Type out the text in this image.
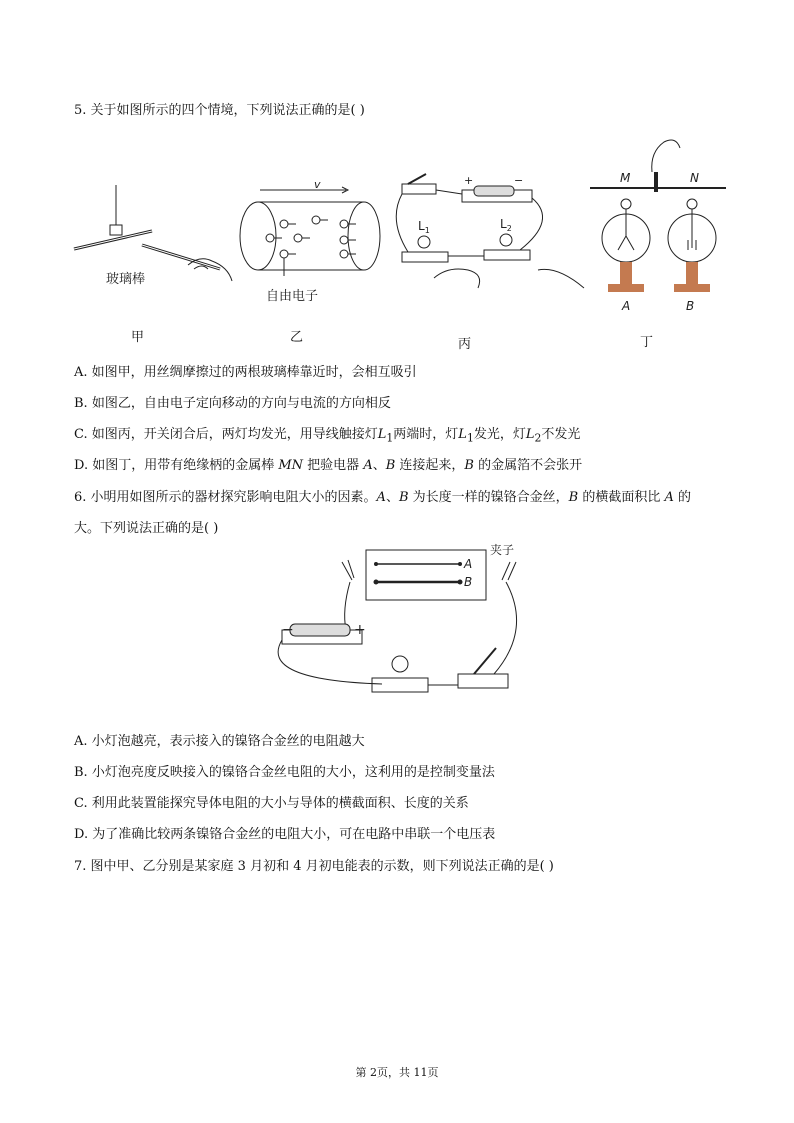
5. 关于如图所示的四个情境，下列说法正确的是( )
玻璃棒
v
自由电子
+	−
$L_1$	$L_2$
M	N
A	B
甲	乙	丙	丁
A. 如图甲，用丝绸摩擦过的两根玻璃棒靠近时，会相互吸引
B. 如图乙，自由电子定向移动的方向与电流的方向相反
C. 如图丙，开关闭合后，两灯均发光，用导线触接灯$L_1$两端时，灯$L_1$发光，灯$L_2$不发光
D. 如图丁，用带有绝缘柄的金属棒 MN 把验电器 A、B 连接起来，B 的金属箔不会张开
6. 小明用如图所示的器材探究影响电阻大小的因素。A、B 为长度一样的镍铬合金丝，B 的横截面积比 A 的
大。下列说法正确的是( )
A
B
夹子
−	+
A. 小灯泡越亮，表示接入的镍铬合金丝的电阻越大
B. 小灯泡亮度反映接入的镍铬合金丝电阻的大小，这利用的是控制变量法
C. 利用此装置能探究导体电阻的大小与导体的横截面积、长度的关系
D. 为了准确比较两条镍铬合金丝的电阻大小，可在电路中串联一个电压表
7. 图中甲、乙分别是某家庭 3 月初和 4 月初电能表的示数，则下列说法正确的是( )
第 2页，共 11页
